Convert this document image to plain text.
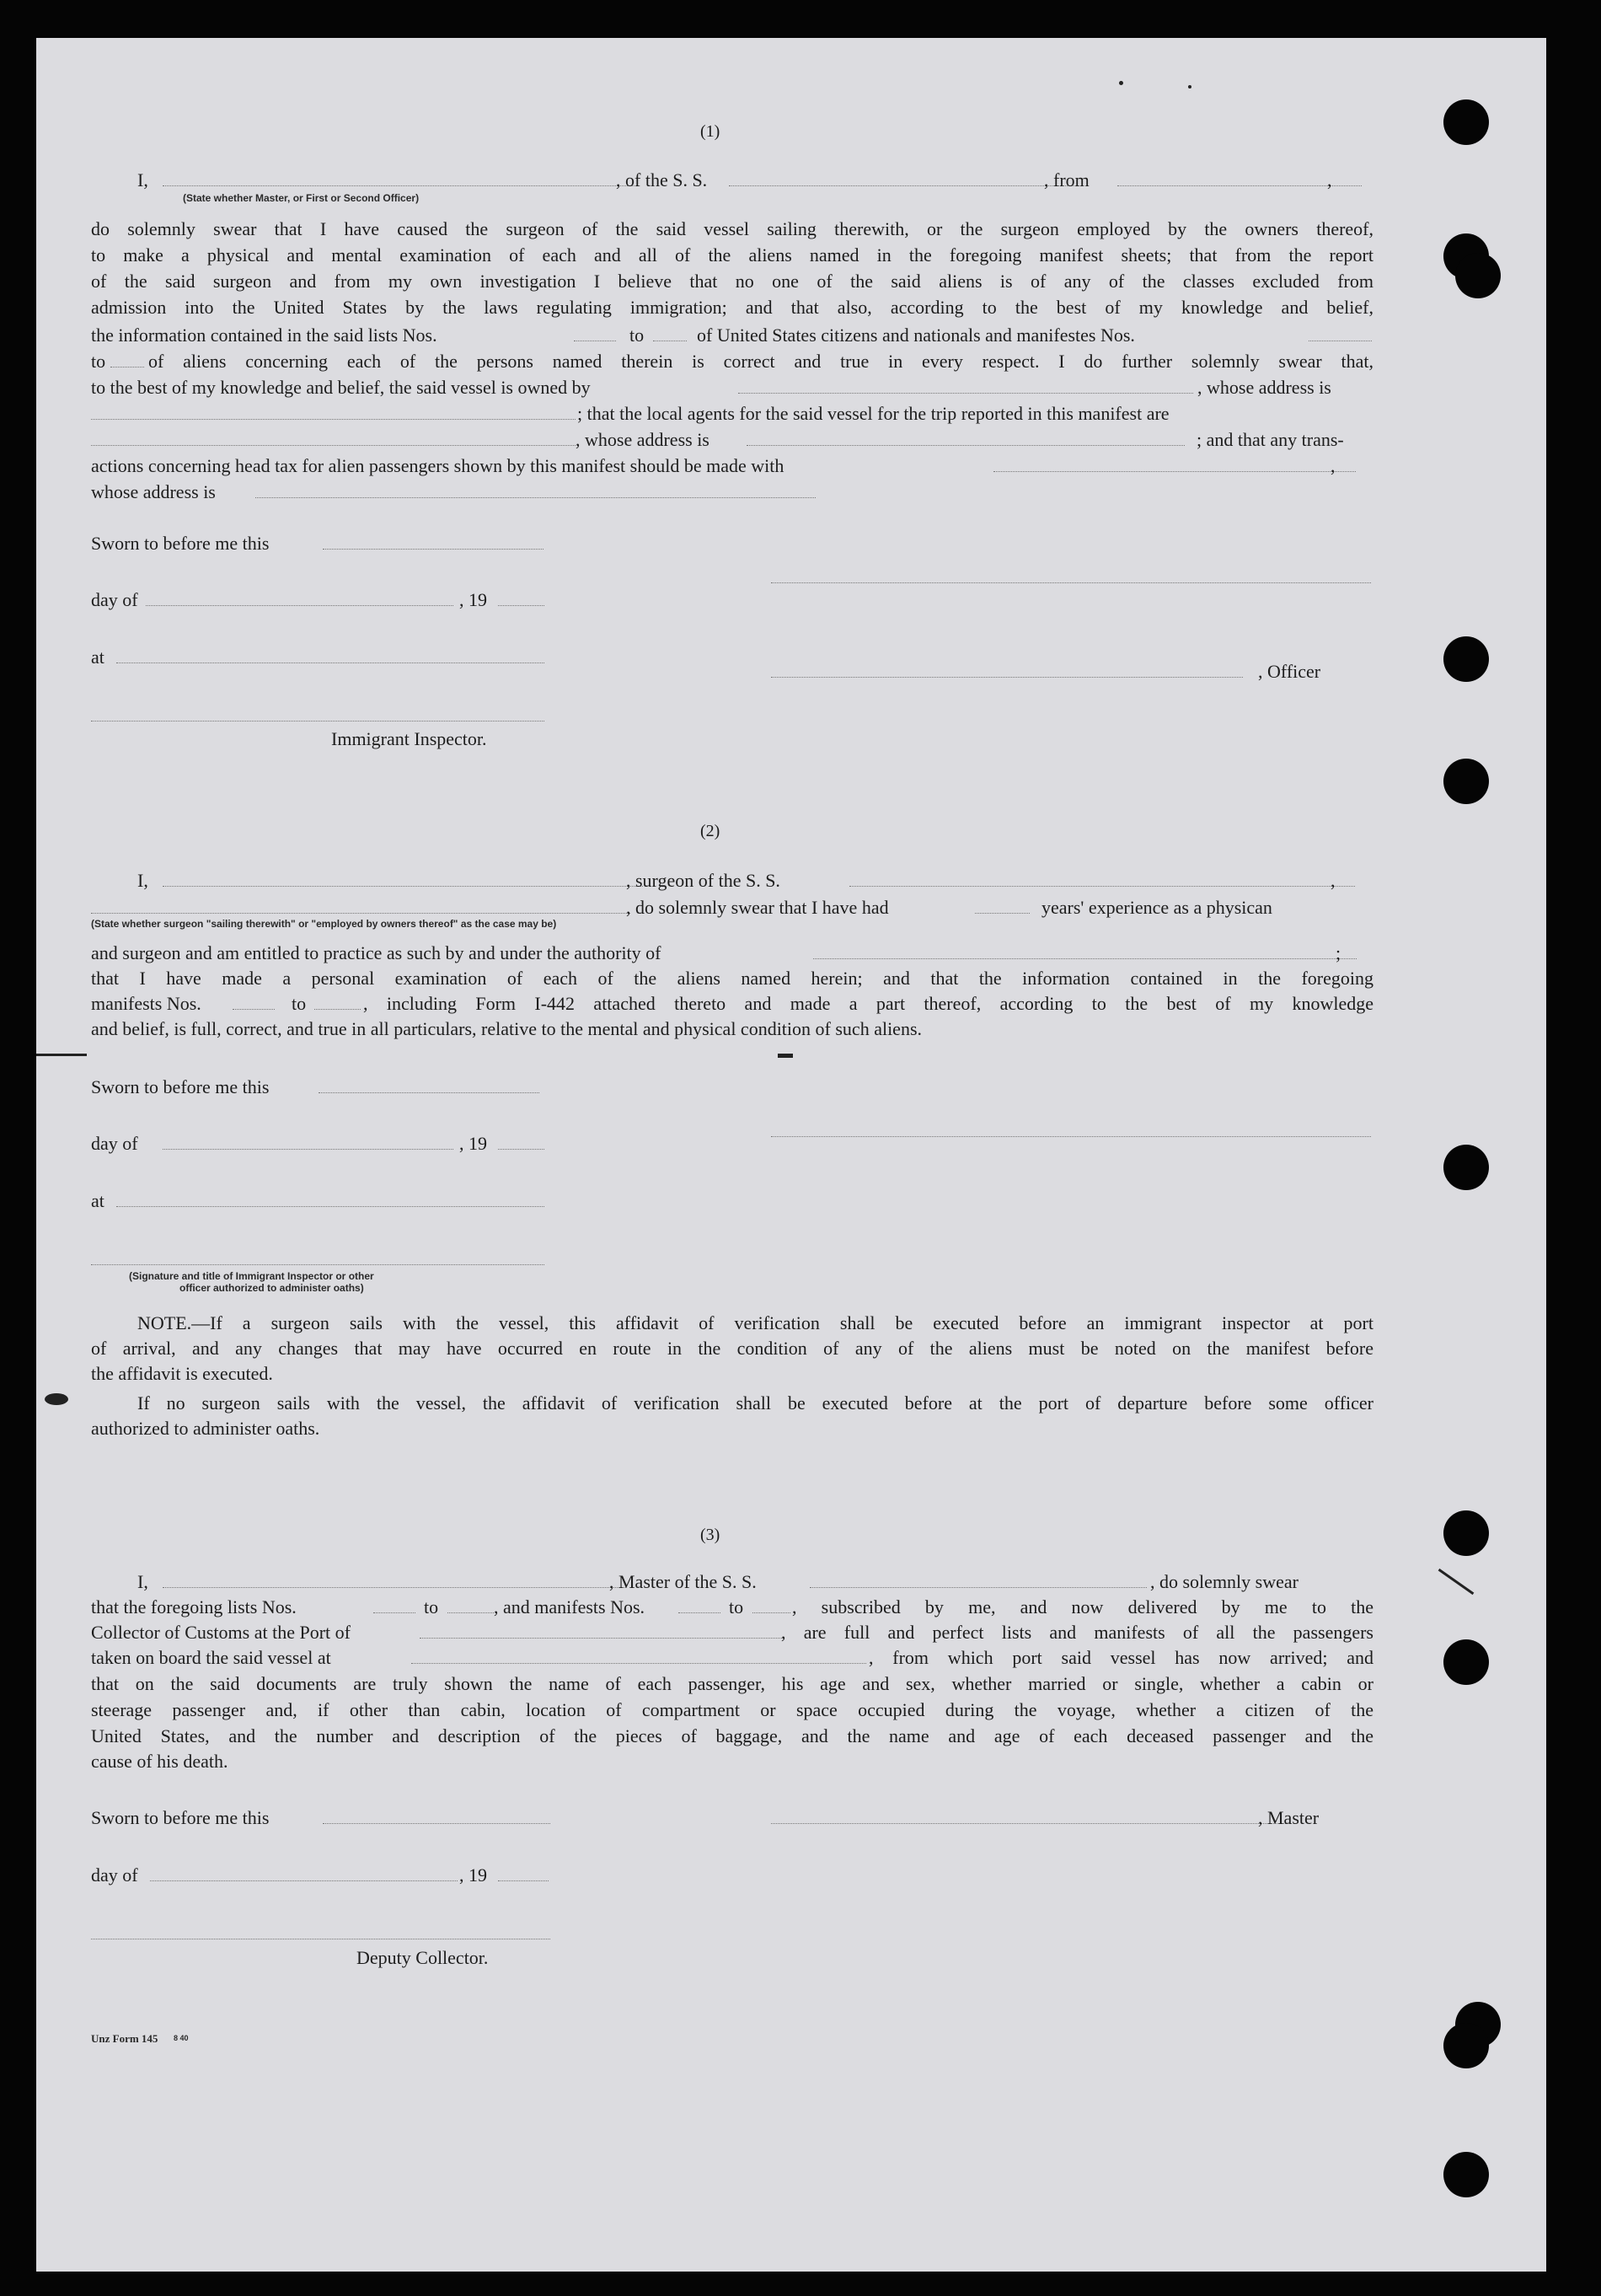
(1)
I,	, of the S. S.	, from	,
(State whether Master, or First or Second Officer)

do solemnly swear that I have caused the surgeon of the said vessel sailing therewith, or the surgeon employed by the owners thereof,

to make a physical and mental examination of each and all of the aliens named in the foregoing manifest sheets; that from the report

of the said surgeon and from my own investigation I believe that no one of the said aliens is of any of the classes excluded from

admission into the United States by the laws regulating immigration; and that also, according to the best of my knowledge and belief,

the information contained in the said lists Nos.	to	of United States citizens and nationals and manifestes Nos.
to of aliens concerning each of the persons named therein is correct and true in every respect. I do further solemnly swear that,
to the best of my knowledge and belief, the said vessel is owned by	, whose address is
; that the local agents for the said vessel for the trip reported in this manifest are
, whose address is	; and that any trans-
actions concerning head tax for alien passengers shown by this manifest should be made with	,
whose address is
Sworn to before me this
day of	, 19
at
, Officer
Immigrant Inspector.
(2)
I,	, surgeon of the S. S.	,
, do solemnly swear that I have had	years' experience as a physican
(State whether surgeon "sailing therewith" or "employed by owners thereof" as the case may be)
and surgeon and am entitled to practice as such by and under the authority of	;
that I have made a personal examination of each of the aliens named herein; and that the information contained in the foregoing
manifests Nos.	to	, including Form I-442 attached thereto and made a part thereof, according to the best of my knowledge
and belief, is full, correct, and true in all particulars, relative to the mental and physical condition of such aliens.
Sworn to before me this
day of	, 19
at
(Signature and title of Immigrant Inspector or other
officer authorized to administer oaths)
NOTE.—If a surgeon sails with the vessel, this affidavit of verification shall be executed before an immigrant inspector at port
of arrival, and any changes that may have occurred en route in the condition of any of the aliens must be noted on the manifest before
the affidavit is executed.
If no surgeon sails with the vessel, the affidavit of verification shall be executed before at the port of departure before some officer
authorized to administer oaths.
(3)
I,	, Master of the S. S.	, do solemnly swear
that the foregoing lists Nos.	to	, and manifests Nos.	to	, subscribed by me, and now delivered by me to the
Collector of Customs at the Port of	, are full and perfect lists and manifests of all the passengers
taken on board the said vessel at	, from which port said vessel has now arrived; and

that on the said documents are truly shown the name of each passenger, his age and sex, whether married or single, whether a cabin or

steerage passenger and, if other than cabin, location of compartment or space occupied during the voyage, whether a citizen of the

United States, and the number and description of the pieces of baggage, and the name and age of each deceased passenger and the

cause of his death.
Sworn to before me this	, Master
day of	, 19
Deputy Collector.
Unz Form 145 8 40
